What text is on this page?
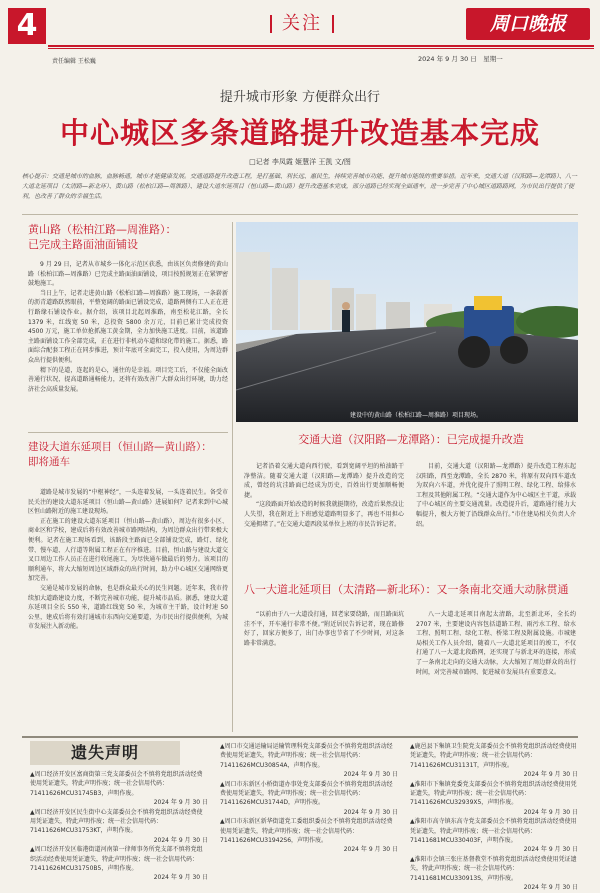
4
责任编辑 王松巍
关注	周口晚报
2024 年 9 月 30 日　星期一
提升城市形象 方便群众出行
中心城区多条道路提升改造基本完成
□记者 李凤霞 姬慧洋 王凯 文/图
核心提示：交通是城市的血脉，血脉畅通，城市才能健康发展。交通道路提升改造工程，是打基础、利长远、惠民生，持续完善城市功能、提升城市能级的重要举措。近年来，交通大道（汉阳路—龙潭路）、八一大道北延项目（太清路—新北环）、黄山路（松柏江路—周淮路）、建设大道东延项目（恒山路—黄山路）提升改造基本完成，部分道路已经实现全面通车，进一步完善了中心城区道路路网，为市民出行提供了便利，也改善了群众的幸福生活。
黄山路（松柏江路—周淮路）：
已完成主路面油面铺设

9 月 29 日，记者从市城乡一体化示范区获悉，由该区负责修建的黄山路（松柏江路—周淮路）已完成主路面油面铺设，项目按照规划正在紧锣密鼓地施工。

当日上午，记者走进黄山路（松柏江路—周淮路）施工现场，一条崭新的沥青道路跃然眼前，平整宽阔的路面已铺设完成，道路两侧有工人正在进行路缘石铺设作业。据介绍，该项目北起周淮路，南至松花江路，全长 1379 米，红线宽 50 米，总投资 5800 余万元，目前已累计完成投资 4500 万元，施工单位抢抓施工黄金期，全力加快施工进度。目前，该道路主路面铺设工作全部完成，正在进行非机动车道和绿化带的施工。据悉，路面综合配套工程正在同步推进，预计年底可全面完工，投入使用，为周边群众出行提供便利。

精下的是道，连起的是心，通往的是幸福。项目完工后，不仅能全面改善通行状况，提高道路通畅能力，还将有效改善广大群众出行环境，助力经济社会高质量发展。

建设大道东延项目（恒山路—黄山路）：
即将通车

道路是城市发展的“中枢神经”，一头连着发展，一头连着民生。备受市民关注的建设大道东延项目（恒山路—黄山路）进展如何？记者来到中心城区恒山路附近的施工建设现场。

正在施工的建设大道东延项目（恒山路—黄山路），周边有很多小区、商业区和学校，建成后将有效改善城市路网结构，为周边群众出行带来极大便利。记者在施工现场看到，该路段主路面已全部铺设完成，路灯、绿化带、慢车道、人行道等附属工程正在有序推进。目前，恒山路与建设大道交叉口周边工作人员正在进行收尾施工，为尽快通车做最后的努力。该项目的顺利通车，将大大缩短周边区域群众的出行时间，助力中心城区交通网络更加完善。

交通是城市发展的命脉，也是群众最关心的民生问题。近年来，我市持续加大道路建设力度，不断完善城市功能，提升城市品质。据悉，建设大道东延项目全长 550 米，道路红线宽 50 米，为城市主干路，设计时速 50 公里，建成后将有效打通城市东西向交通要道，为市民出行提供便利，为城市发展注入新动能。

建设中的黄山路（松柏江路—周淮路）项目现场。
交通大道（汉阳路—龙潭路）：已完成提升改造

记者沿着交通大道向西行驶，看到宽阔平坦的柏油路干净整洁。随着交通大道（汉阳路—龙潭路）提升改造的完成，曾经的坑洼路面已经成为历史，百姓出行更加顺畅便捷。

“这段路面开始改造的时候我就挺期待，改造后果然没让人失望，我在附近上下班感觉道路明显多了，再也不用担心交通拥堵了。”在交通大道西段某单位上班的市民告诉记者。

目前，交通大道（汉阳路—龙潭路）提升改造工程东起汉阳路，西至龙潭路，全长 2870 米，将原有双向四车道改为双向六车道，并优化提升了照明工程、绿化工程、给排水工程及其他附属工程。“交通大道作为中心城区主干道，承载了中心城区的主要交通流量。改造提升后，道路通行能力大幅提升，极大方便了沿线群众出行。”市住建局相关负责人介绍。

八一大道北延项目（太清路—新北环）：又一条南北交通大动脉贯通

“以前由于八一大道没打通，回老家要绕路，而且路面坑洼不平，开车通行非常不便。”附近居民告诉记者，现在路修好了，回家方便多了，出门办事也节省了不少时间，对这条路非常满意。

八一大道北延项目南起太清路，北至新北环，全长约 2707 米，主要建设内容包括道路工程、雨污水工程、给水工程、照明工程、绿化工程、桥梁工程及附属设施。市城建局相关工作人员介绍，随着八一大道北延项目的竣工，不仅打通了八一大道北段路网，还实现了与新北环的连接，形成了一条南北走向的交通大动脉，大大缩短了周边群众的出行时间，对完善城市路网、促进城市发展具有重要意义。

遗失声明
▲周口经济开发区富商街第三党支部委员会不慎将党组织活动经费使用凭证遗失，特此声明作废；统一社会信用代码：71411626MCU31745B3，声明作废。
2024 年 9 月 30 日
▲周口经济开发区民生街中心支部委员会不慎将党组织活动经费使用凭证遗失，特此声明作废；统一社会信用代码：71411626MCU31753KT，声明作废。
2024 年 9 月 30 日
▲周口经济开发区临港街道河南第一律师事务所党支部不慎将党组织活动经费使用凭证遗失，特此声明作废；统一社会信用代码：71411626MCU31750B5，声明作废。
2024 年 9 月 30 日
▲周口市交通运输局运输管理科党支部委员会不慎将党组织活动经费使用凭证遗失，特此声明作废；统一社会信用代码：71411626MCU30854A，声明作废。
2024 年 9 月 30 日
▲周口市东新区小桥街道办事处党支部委员会不慎将党组织活动经费使用凭证遗失，特此声明作废；统一社会信用代码：71411626MCU31744D，声明作废。
2024 年 9 月 30 日
▲周口市东新区新华街道党工委组织委员会不慎将党组织活动经费使用凭证遗失，特此声明作废；统一社会信用代码：71411626MCU31942S6，声明作废。
2024 年 9 月 30 日
▲鹿邑县下集镇卫生院党支部委员会不慎将党组织活动经费使用凭证遗失，特此声明作废；统一社会信用代码：71411626MCU31131T，声明作废。
2024 年 9 月 30 日
▲淮阳市下集镇党委党支部委员会不慎将党组织活动经费使用凭证遗失，特此声明作废；统一社会信用代码：71411626MCU32939X5，声明作废。
2024 年 9 月 30 日
▲淮阳市高寺镇东高寺党支部委员会不慎将党组织活动经费使用凭证遗失，特此声明作废；统一社会信用代码：71411681MCU330403F，声明作废。
2024 年 9 月 30 日
▲淮阳市会镇三张庄基督教堂不慎将党组织活动经费使用凭证遗失，特此声明作废；统一社会信用代码：71411681MCU330913S，声明作废。
2024 年 9 月 30 日
